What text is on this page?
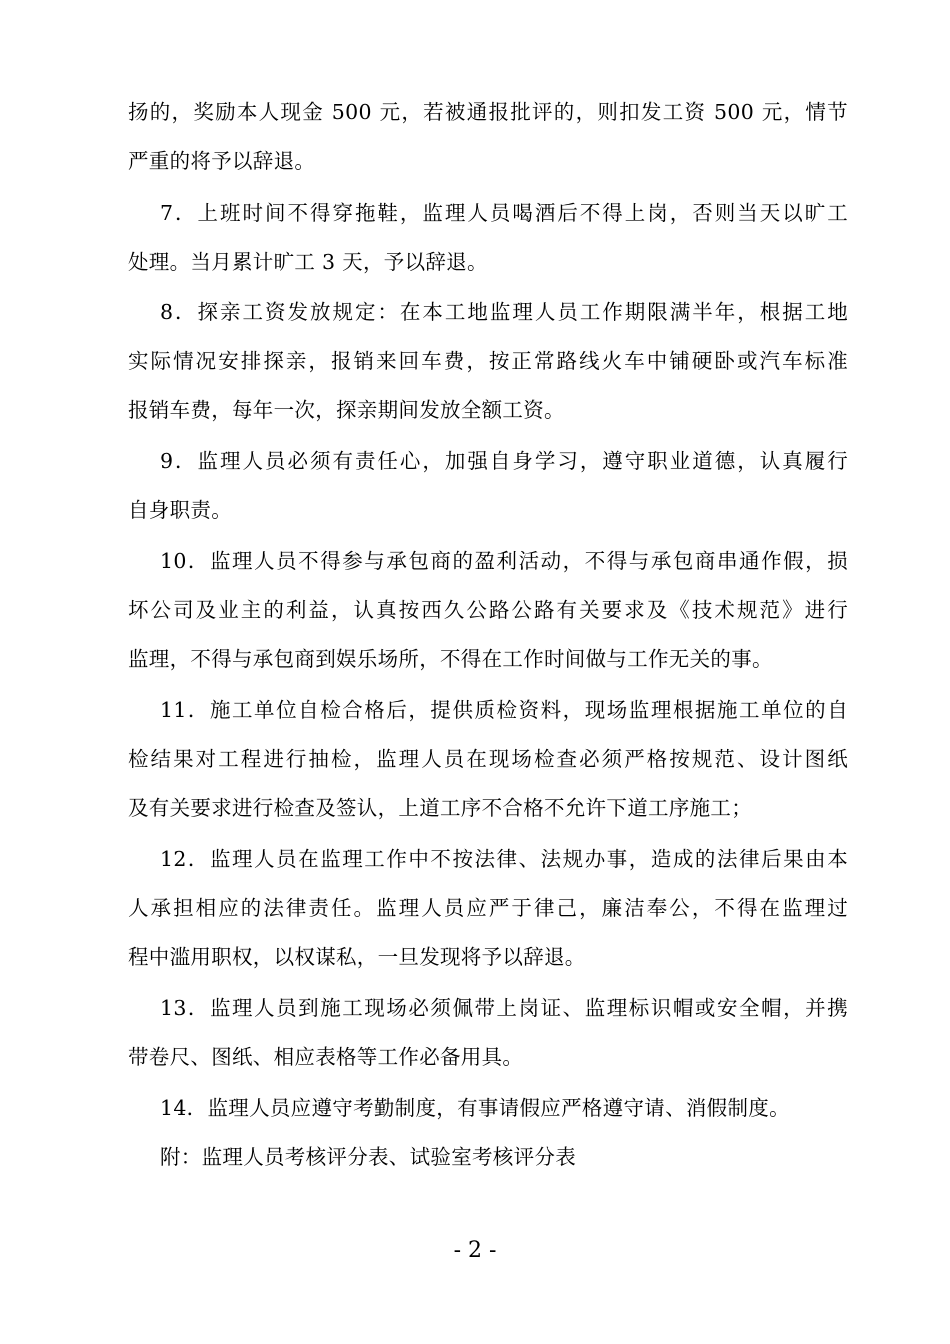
扬的，奖励本人现金 500 元，若被通报批评的，则扣发工资 500 元，情节
严重的将予以辞退。
7．上班时间不得穿拖鞋，监理人员喝酒后不得上岗，否则当天以旷工
处理。当月累计旷工 3 天，予以辞退。
8．探亲工资发放规定：在本工地监理人员工作期限满半年，根据工地
实际情况安排探亲，报销来回车费，按正常路线火车中铺硬卧或汽车标准
报销车费，每年一次，探亲期间发放全额工资。
9．监理人员必须有责任心，加强自身学习，遵守职业道德，认真履行
自身职责。
10．监理人员不得参与承包商的盈利活动，不得与承包商串通作假，损
坏公司及业主的利益，认真按西久公路公路有关要求及《技术规范》进行
监理，不得与承包商到娱乐场所，不得在工作时间做与工作无关的事。
11．施工单位自检合格后，提供质检资料，现场监理根据施工单位的自
检结果对工程进行抽检，监理人员在现场检查必须严格按规范、设计图纸
及有关要求进行检查及签认，上道工序不合格不允许下道工序施工；
12．监理人员在监理工作中不按法律、法规办事，造成的法律后果由本
人承担相应的法律责任。监理人员应严于律己，廉洁奉公，不得在监理过
程中滥用职权，以权谋私，一旦发现将予以辞退。
13．监理人员到施工现场必须佩带上岗证、监理标识帽或安全帽，并携
带卷尺、图纸、相应表格等工作必备用具。
14．监理人员应遵守考勤制度，有事请假应严格遵守请、消假制度。
附：监理人员考核评分表、试验室考核评分表
- 2 -
